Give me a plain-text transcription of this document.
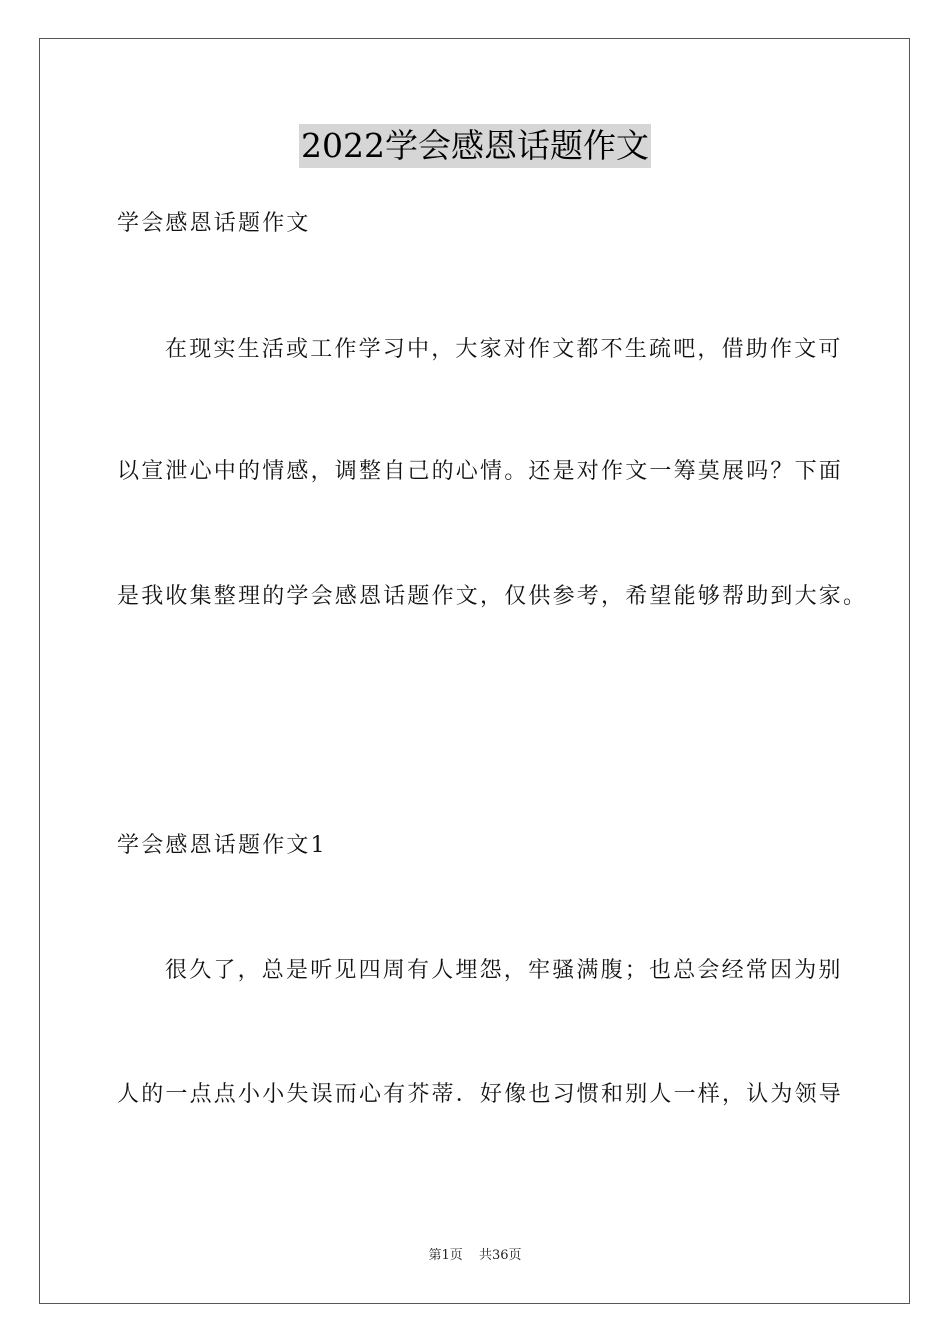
2022学会感恩话题作文
学会感恩话题作文
在现实生活或工作学习中，大家对作文都不生疏吧，借助作文可
以宣泄心中的情感，调整自己的心情。还是对作文一筹莫展吗？下面
是我收集整理的学会感恩话题作文，仅供参考，希望能够帮助到大家。
学会感恩话题作文1
很久了，总是听见四周有人埋怨，牢骚满腹；也总会经常因为别
人的一点点小小失误而心有芥蒂．好像也习惯和别人一样，认为领导
第1页 共36页
